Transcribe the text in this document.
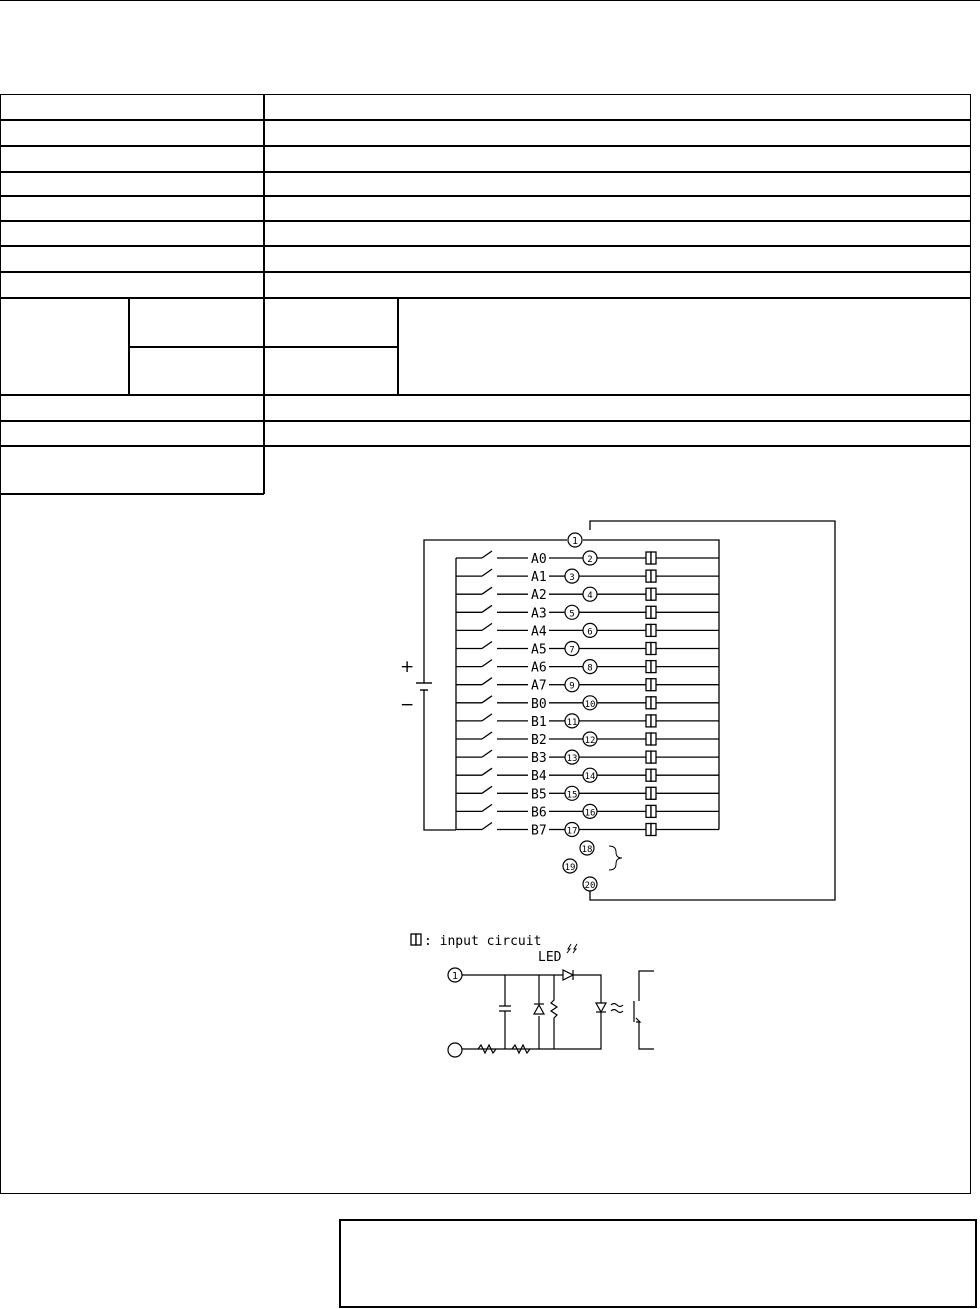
A0	2
A1	3
A2	4
A3	5
A4	6
A5	7
A6	8
A7	9
B0	10
B1 11
B2	12
B3 13
B4	14
B5 15
B6	16
B7 17
+
−
1
18
19
20
: input circuit
LED
1
